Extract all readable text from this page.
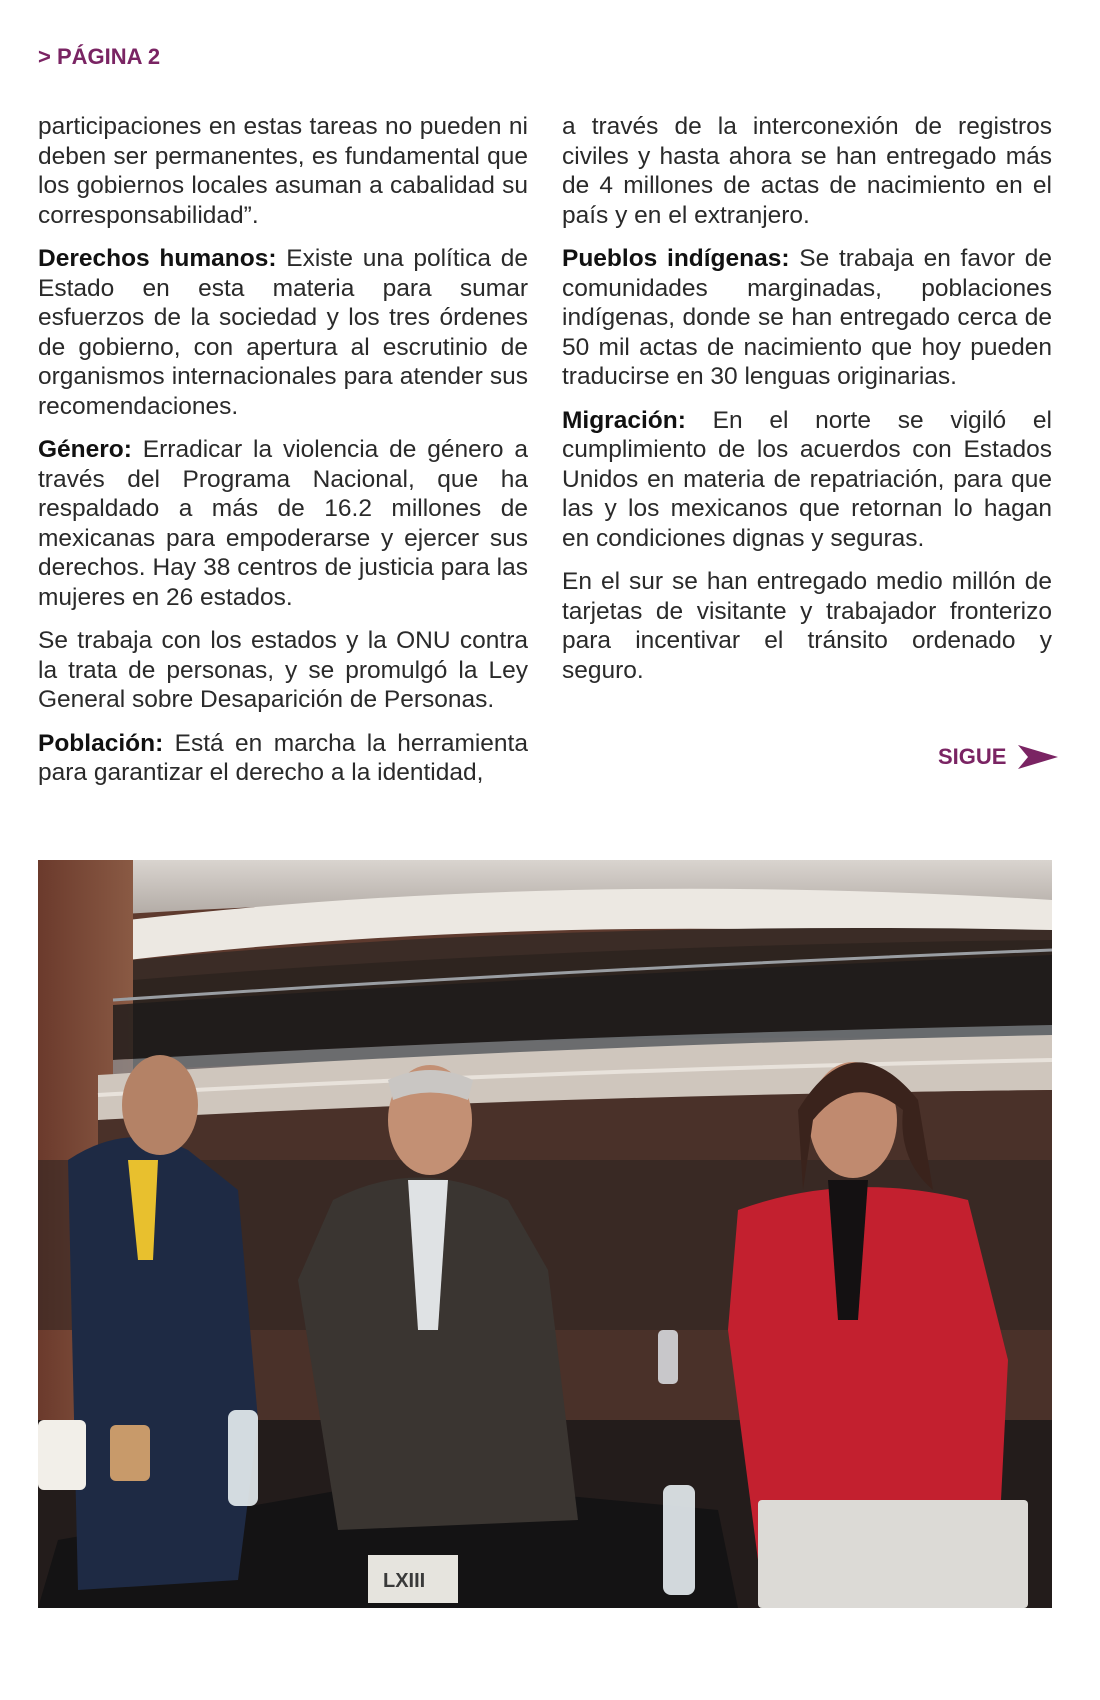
> PÁGINA 2

participaciones en estas tareas no pueden ni deben ser permanentes, es fundamental que los gobiernos locales asuman a cabalidad su corresponsabilidad”.

Derechos humanos: Existe una política de Estado en esta materia para sumar esfuerzos de la sociedad y los tres órdenes de gobierno, con apertura al escrutinio de organismos internacionales para atender sus recomendaciones.

Género: Erradicar la violencia de género a través del Programa Nacional, que ha respaldado a más de 16.2 millones de mexicanas para empoderarse y ejercer sus derechos. Hay 38 centros de justicia para las mujeres en 26 estados.

Se trabaja con los estados y la ONU contra la trata de personas, y se promulgó la Ley General sobre Desaparición de Personas.

Población: Está en marcha la herramienta para garantizar el derecho a la identidad,

a través de la interconexión de registros civiles y hasta ahora se han entregado más de 4 millones de actas de nacimiento en el país y en el extranjero.

Pueblos indígenas: Se trabaja en favor de comunidades marginadas, poblaciones indígenas, donde se han entregado cerca de 50 mil actas de nacimiento que hoy pueden traducirse en 30 lenguas originarias.

Migración: En el norte se vigiló el cumplimiento de los acuerdos con Estados Unidos en materia de repatriación, para que las y los mexicanos que retornan lo hagan en condiciones dignas y seguras.

En el sur se han entregado medio millón de tarjetas de visitante y trabajador fronterizo para incentivar el tránsito ordenado y seguro.

SIGUE
LXIII
